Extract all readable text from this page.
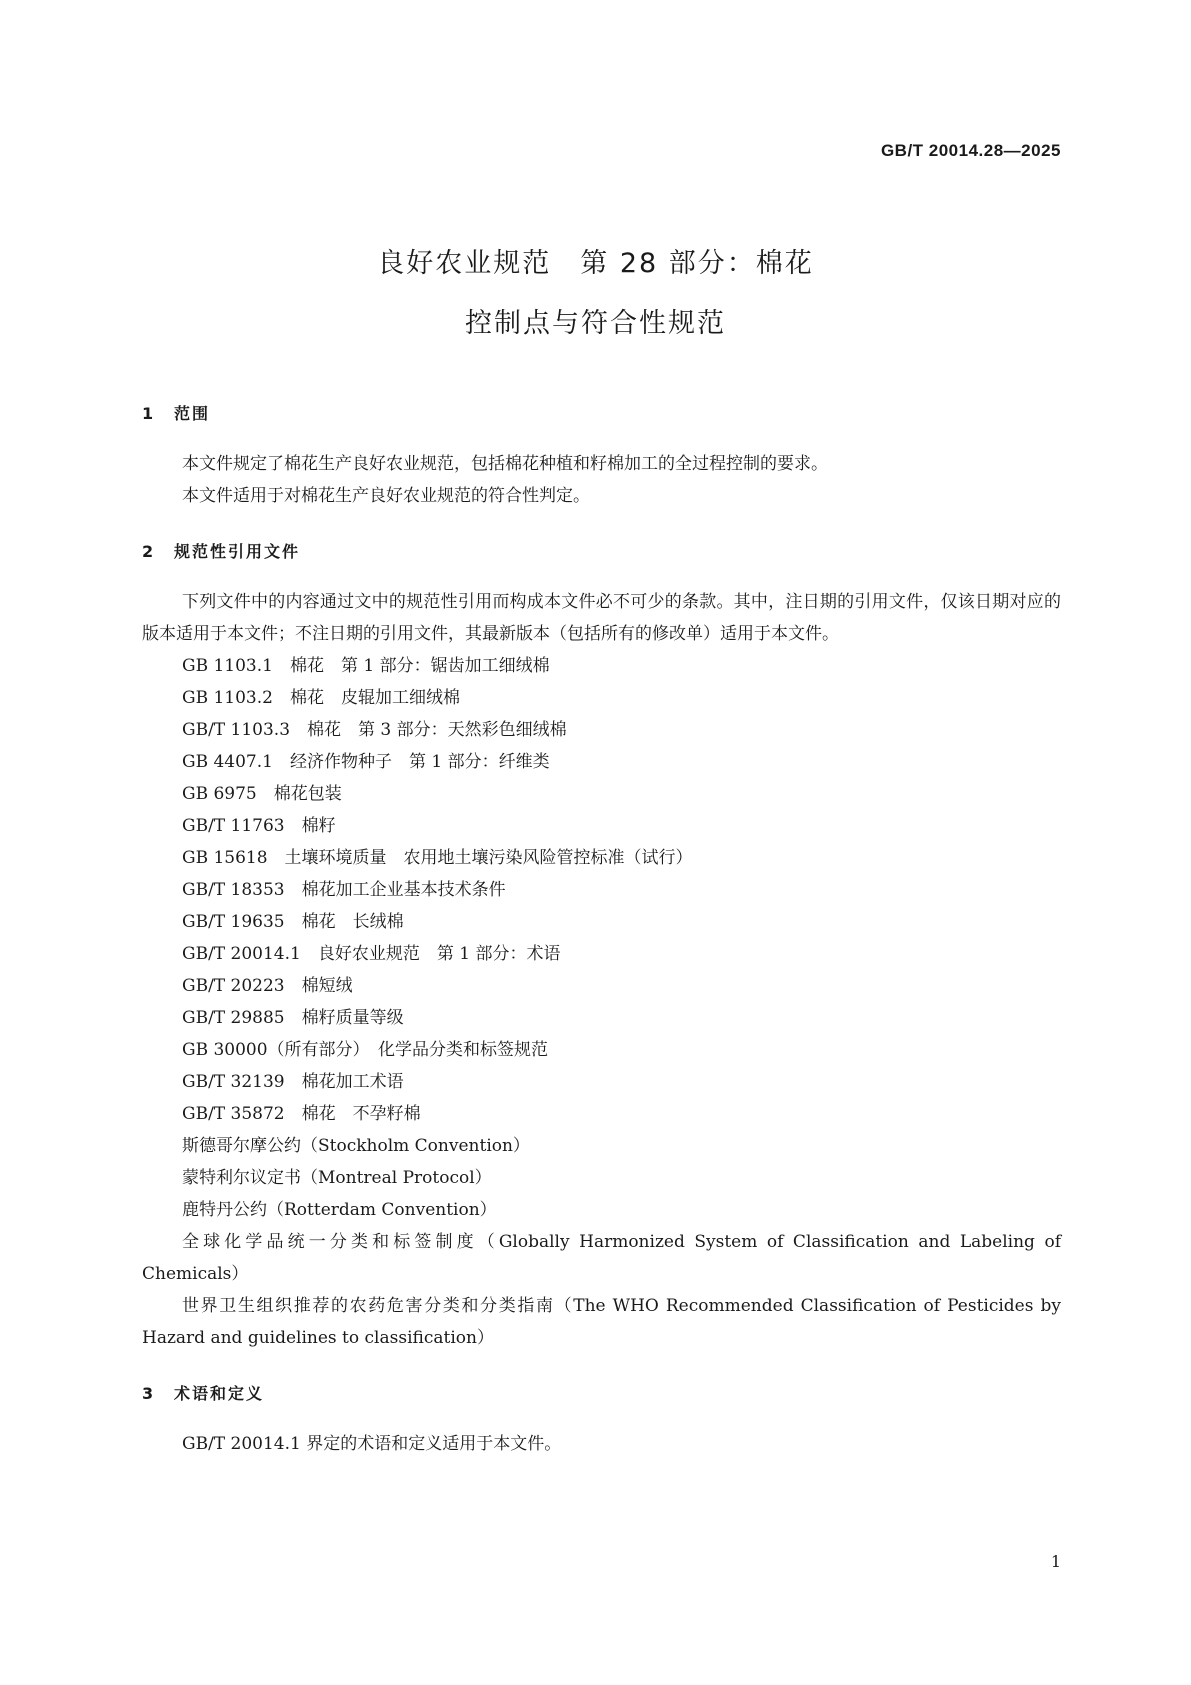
GB/T 20014.28—2025
良好农业规范　第 28 部分：棉花
控制点与符合性规范
1 范围

本文件规定了棉花生产良好农业规范，包括棉花种植和籽棉加工的全过程控制的要求。

本文件适用于对棉花生产良好农业规范的符合性判定。

2 规范性引用文件

下列文件中的内容通过文中的规范性引用而构成本文件必不可少的条款。其中，注日期的引用文件，仅该日期对应的版本适用于本文件；不注日期的引用文件，其最新版本（包括所有的修改单）适用于本文件。

GB 1103.1　棉花　第 1 部分：锯齿加工细绒棉
GB 1103.2　棉花　皮辊加工细绒棉
GB/T 1103.3　棉花　第 3 部分：天然彩色细绒棉
GB 4407.1　经济作物种子　第 1 部分：纤维类
GB 6975　棉花包装
GB/T 11763　棉籽
GB 15618　土壤环境质量　农用地土壤污染风险管控标准（试行）
GB/T 18353　棉花加工企业基本技术条件
GB/T 19635　棉花　长绒棉
GB/T 20014.1　良好农业规范　第 1 部分：术语
GB/T 20223　棉短绒
GB/T 29885　棉籽质量等级
GB 30000（所有部分）　化学品分类和标签规范
GB/T 32139　棉花加工术语
GB/T 35872　棉花　不孕籽棉
斯德哥尔摩公约（Stockholm Convention）
蒙特利尔议定书（Montreal Protocol）
鹿特丹公约（Rotterdam Convention）

全球化学品统一分类和标签制度（Globally Harmonized System of Classification and Labeling of Chemicals）

世界卫生组织推荐的农药危害分类和分类指南（The WHO Recommended Classification of Pesticides by Hazard and guidelines to classification）

3 术语和定义

GB/T 20014.1 界定的术语和定义适用于本文件。

1
